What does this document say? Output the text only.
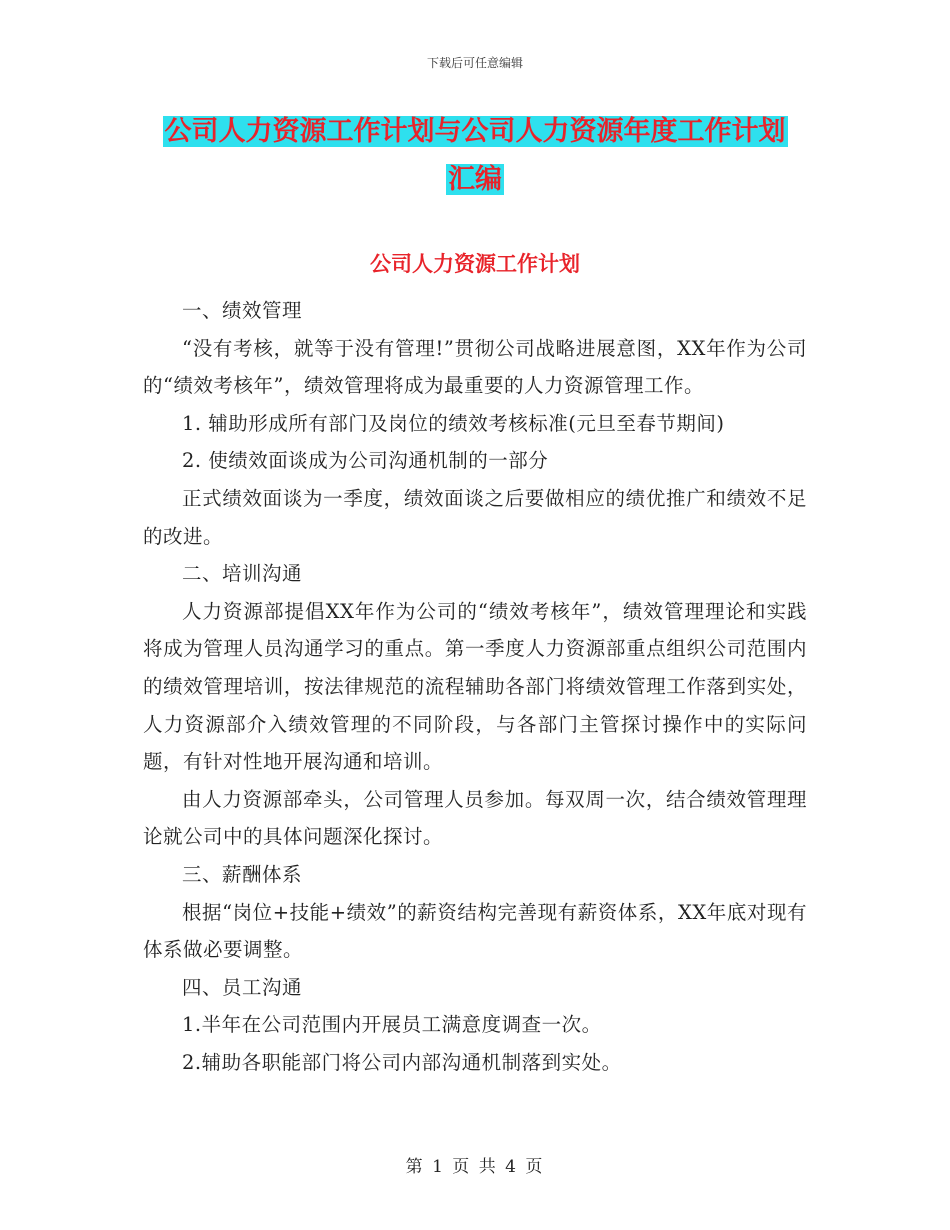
下载后可任意编辑
公司人力资源工作计划与公司人力资源年度工作计划
汇编
公司人力资源工作计划

一、绩效管理

“没有考核，就等于没有管理!”贯彻公司战略进展意图，XX年作为公司的“绩效考核年”，绩效管理将成为最重要的人力资源管理工作。

1. 辅助形成所有部门及岗位的绩效考核标准(元旦至春节期间)

2. 使绩效面谈成为公司沟通机制的一部分

正式绩效面谈为一季度，绩效面谈之后要做相应的绩优推广和绩效不足的改进。

二、培训沟通

人力资源部提倡XX年作为公司的“绩效考核年”，绩效管理理论和实践将成为管理人员沟通学习的重点。第一季度人力资源部重点组织公司范围内的绩效管理培训，按法律规范的流程辅助各部门将绩效管理工作落到实处，人力资源部介入绩效管理的不同阶段，与各部门主管探讨操作中的实际问题，有针对性地开展沟通和培训。

由人力资源部牵头，公司管理人员参加。每双周一次，结合绩效管理理论就公司中的具体问题深化探讨。

三、薪酬体系

根据“岗位+技能+绩效”的薪资结构完善现有薪资体系，XX年底对现有体系做必要调整。

四、员工沟通

1.半年在公司范围内开展员工满意度调查一次。

2.辅助各职能部门将公司内部沟通机制落到实处。

第 1 页 共 4 页
